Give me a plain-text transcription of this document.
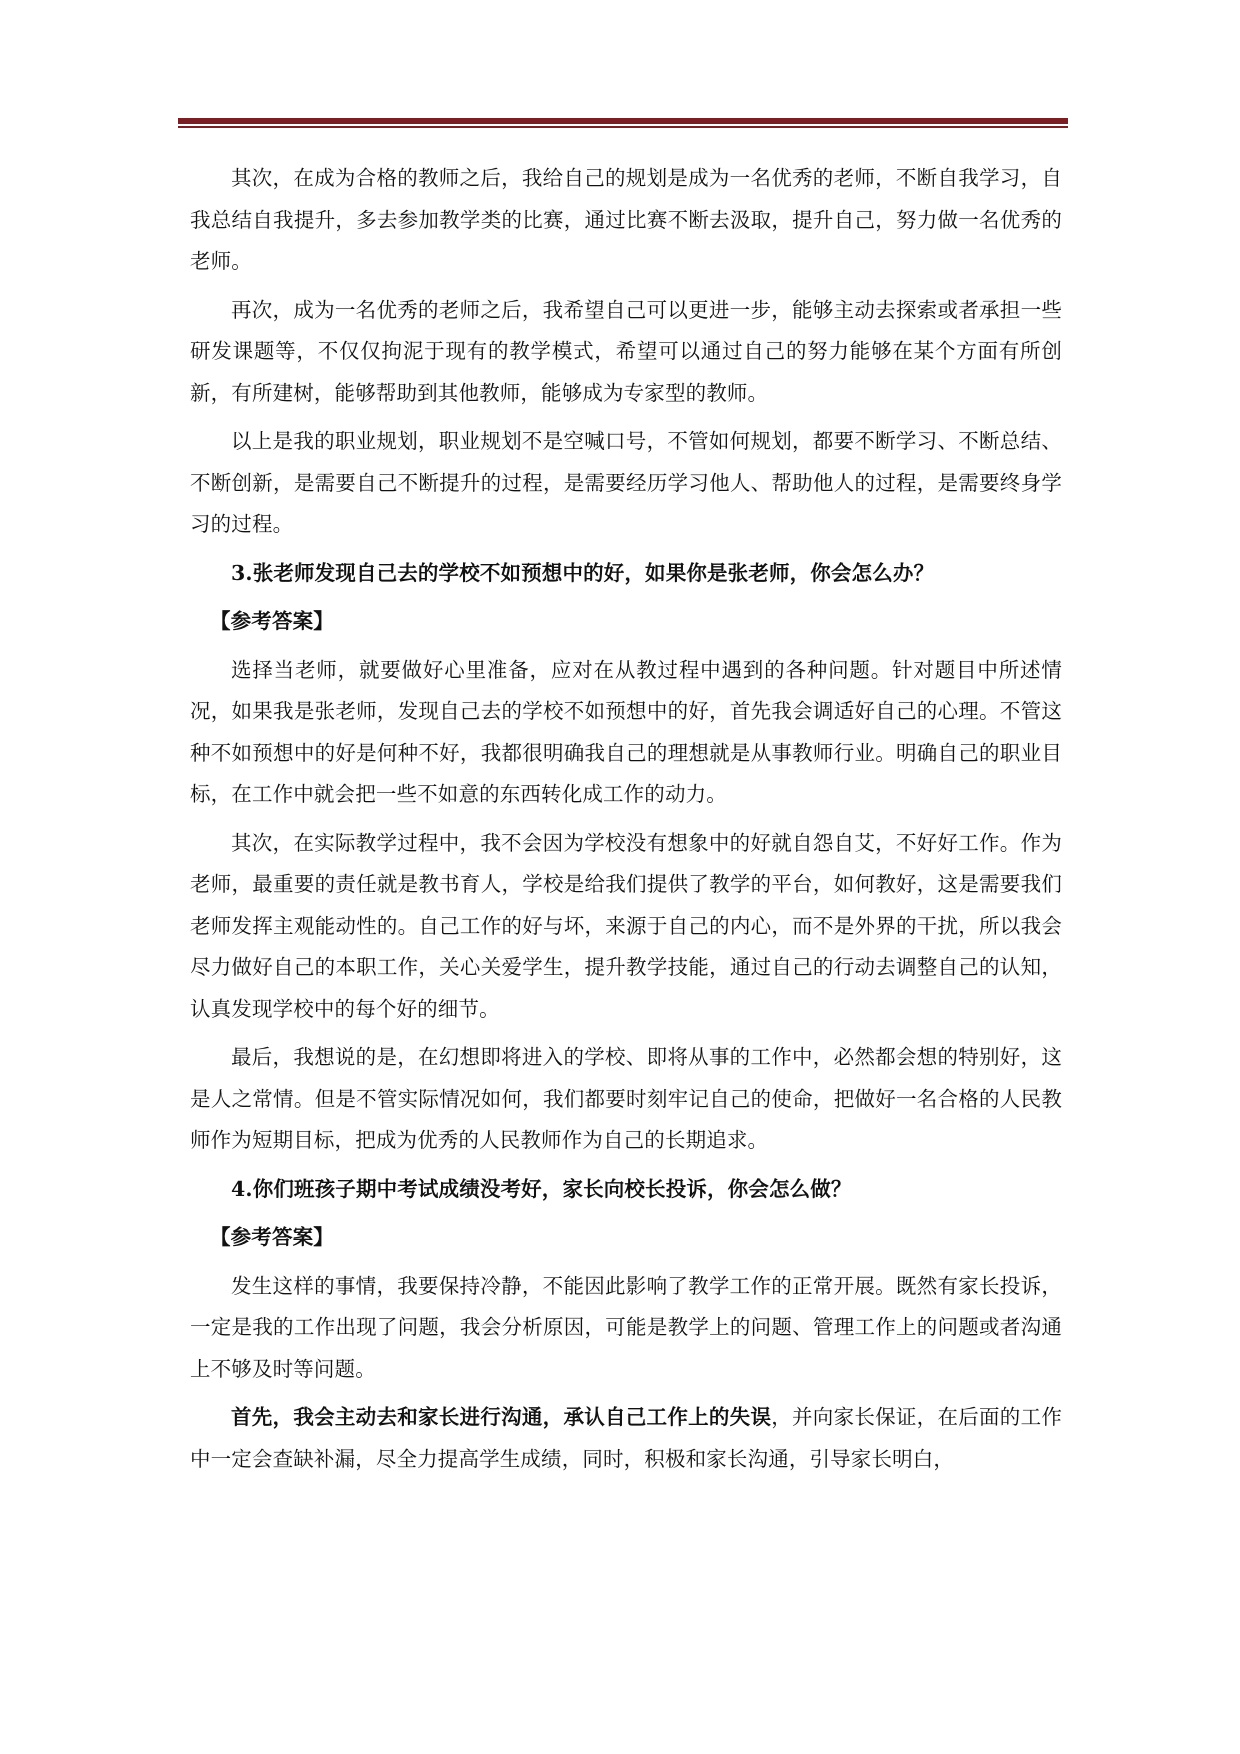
其次，在成为合格的教师之后，我给自己的规划是成为一名优秀的老师，不断自我学习，自我总结自我提升，多去参加教学类的比赛，通过比赛不断去汲取，提升自己，努力做一名优秀的老师。

再次，成为一名优秀的老师之后，我希望自己可以更进一步，能够主动去探索或者承担一些研发课题等，不仅仅拘泥于现有的教学模式，希望可以通过自己的努力能够在某个方面有所创新，有所建树，能够帮助到其他教师，能够成为专家型的教师。

以上是我的职业规划，职业规划不是空喊口号，不管如何规划，都要不断学习、不断总结、不断创新，是需要自己不断提升的过程，是需要经历学习他人、帮助他人的过程，是需要终身学习的过程。

3.张老师发现自己去的学校不如预想中的好，如果你是张老师，你会怎么办？

【参考答案】

选择当老师，就要做好心里准备，应对在从教过程中遇到的各种问题。针对题目中所述情况，如果我是张老师，发现自己去的学校不如预想中的好，首先我会调适好自己的心理。不管这种不如预想中的好是何种不好，我都很明确我自己的理想就是从事教师行业。明确自己的职业目标，在工作中就会把一些不如意的东西转化成工作的动力。

其次，在实际教学过程中，我不会因为学校没有想象中的好就自怨自艾，不好好工作。作为老师，最重要的责任就是教书育人，学校是给我们提供了教学的平台，如何教好，这是需要我们老师发挥主观能动性的。自己工作的好与坏，来源于自己的内心，而不是外界的干扰，所以我会尽力做好自己的本职工作，关心关爱学生，提升教学技能，通过自己的行动去调整自己的认知，认真发现学校中的每个好的细节。

最后，我想说的是，在幻想即将进入的学校、即将从事的工作中，必然都会想的特别好，这是人之常情。但是不管实际情况如何，我们都要时刻牢记自己的使命，把做好一名合格的人民教师作为短期目标，把成为优秀的人民教师作为自己的长期追求。

4.你们班孩子期中考试成绩没考好，家长向校长投诉，你会怎么做？

【参考答案】

发生这样的事情，我要保持冷静，不能因此影响了教学工作的正常开展。既然有家长投诉，一定是我的工作出现了问题，我会分析原因，可能是教学上的问题、管理工作上的问题或者沟通上不够及时等问题。

首先，我会主动去和家长进行沟通，承认自己工作上的失误，并向家长保证，在后面的工作中一定会查缺补漏，尽全力提高学生成绩，同时，积极和家长沟通，引导家长明白，
